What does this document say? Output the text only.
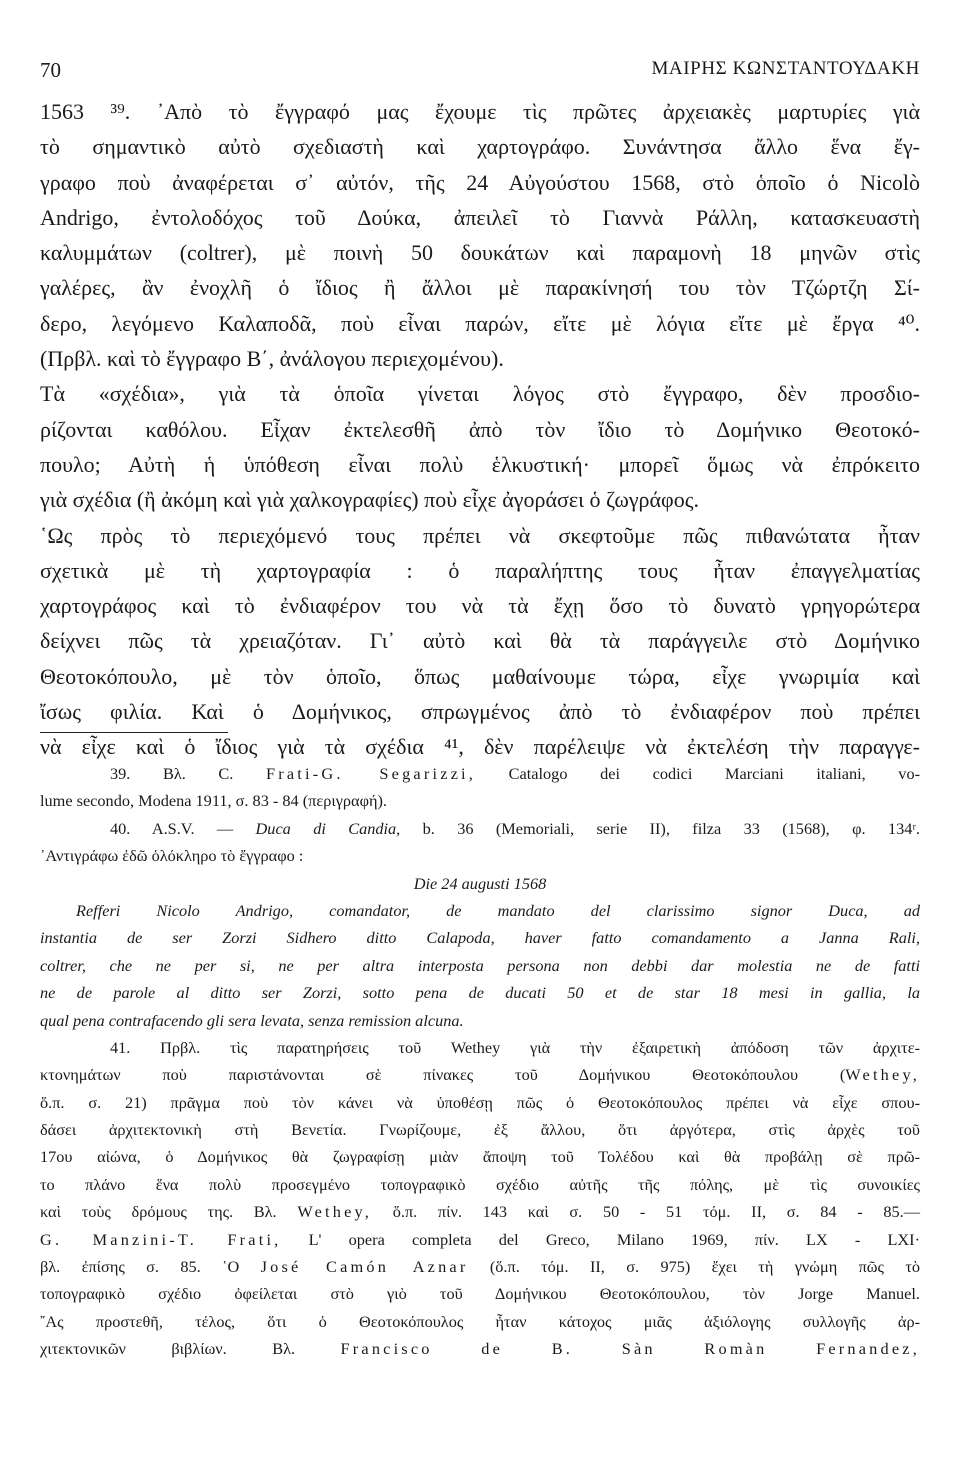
70	ΜΑΙΡΗΣ ΚΩΝΣΤΑΝΤΟΥΔΑΚΗ
1563 ³⁹. ᾿Απὸ τὸ ἔγγραφό μας ἔχουμε τὶς πρῶτες ἀρχειακὲς μαρτυρίες γιὰ
τὸ σημαντικὸ αὐτὸ σχεδιαστὴ καὶ χαρτογράφο. Συνάντησα ἄλλο ἕνα ἔγ-
γραφο ποὺ ἀναφέρεται σ᾿ αὐτόν, τῆς 24 Αὐγούστου 1568, στὸ ὁποῖο ὁ Nicolò
Andrigo, ἐντολοδόχος τοῦ Δούκα, ἀπειλεῖ τὸ Γιαννὰ Ράλλη, κατασκευαστὴ
καλυμμάτων (coltrer), μὲ ποινὴ 50 δουκάτων καὶ παραμονὴ 18 μηνῶν στὶς
γαλέρες, ἂν ἐνοχλῆ ὁ ἴδιος ἢ ἄλλοι μὲ παρακίνησή του τὸν Τζώρτζη Σί-
δερο, λεγόμενο Καλαποδᾶ, ποὺ εἶναι παρών, εἴτε μὲ λόγια εἴτε μὲ ἔργα ⁴⁰.
(Πρβλ. καὶ τὸ ἔγγραφο Β΄, ἀνάλογου περιεχομένου).
Τὰ «σχέδια», γιὰ τὰ ὁποῖα γίνεται λόγος στὸ ἔγγραφο, δὲν προσδιο-
ρίζονται καθόλου. Εἶχαν ἐκτελεσθῆ ἀπὸ τὸν ἴδιο τὸ Δομήνικο Θεοτοκό-
πουλο; Αὐτὴ ἡ ὑπόθεση εἶναι πολὺ ἑλκυστική· μπορεῖ ὅμως νὰ ἐπρόκειτο
γιὰ σχέδια (ἢ ἀκόμη καὶ γιὰ χαλκογραφίες) ποὺ εἶχε ἀγοράσει ὁ ζωγράφος.
῾Ως πρὸς τὸ περιεχόμενό τους πρέπει νὰ σκεφτοῦμε πῶς πιθανώτατα ἦταν
σχετικὰ μὲ τὴ χαρτογραφία : ὁ παραλήπτης τους ἦταν ἐπαγγελματίας
χαρτογράφος καὶ τὸ ἐνδιαφέρον του νὰ τὰ ἔχῃ ὅσο τὸ δυνατὸ γρηγορώτερα
δείχνει πῶς τὰ χρειαζόταν. Γι᾿ αὐτὸ καὶ θὰ τὰ παράγγειλε στὸ Δομήνικο
Θεοτοκόπουλο, μὲ τὸν ὁποῖο, ὅπως μαθαίνουμε τώρα, εἶχε γνωριμία καὶ
ἴσως φιλία. Καὶ ὁ Δομήνικος, σπρωγμένος ἀπὸ τὸ ἐνδιαφέρον ποὺ πρέπει
νὰ εἶχε καὶ ὁ ἴδιος γιὰ τὰ σχέδια ⁴¹, δὲν παρέλειψε νὰ ἐκτελέση τὴν παραγγε-
39. Βλ. C. Frati-G. Segarizzi, Catalogo dei codici Marciani italiani, vo-
lume secondo, Modena 1911, σ. 83 - 84 (περιγραφή).
40. A.S.V. — Duca di Candia, b. 36 (Memoriali, serie II), filza 33 (1568), φ. 134ʳ.
᾿Αντιγράφω ἐδῶ ὁλόκληρο τὸ ἔγγραφο :
Die 24 augusti 1568
Refferi Nicolo Andrigo, comandator, de mandato del clarissimo signor Duca, ad
instantia de ser Zorzi Sidhero ditto Calapoda, haver fatto comandamento a Janna Rali,
coltrer, che ne per si, ne per altra interposta persona non debbi dar molestia ne de fatti
ne de parole al ditto ser Zorzi, sotto pena de ducati 50 et de star 18 mesi in gallia, la
qual pena contrafacendo gli sera levata, senza remission alcuna.
41. Πρβλ. τὶς παρατηρήσεις τοῦ Wethey γιὰ τὴν ἐξαιρετικὴ ἀπόδοση τῶν ἀρχιτε-
κτονημάτων ποὺ παριστάνονται σὲ πίνακες τοῦ Δομήνικου Θεοτοκόπουλου (Wethey,
ὅ.π. σ. 21) πρᾶγμα ποὺ τὸν κάνει νὰ ὑποθέσῃ πῶς ὁ Θεοτοκόπουλος πρέπει νὰ εἶχε σπου-
δάσει ἀρχιτεκτονικὴ στὴ Βενετία. Γνωρίζουμε, ἐξ ἄλλου, ὅτι ἀργότερα, στὶς ἀρχὲς τοῦ
17ου αἰώνα, ὁ Δομήνικος θὰ ζωγραφίσῃ μιὰν ἄποψη τοῦ Τολέδου καὶ θὰ προβάλῃ σὲ πρῶ-
το πλάνο ἕνα πολὺ προσεγμένο τοπογραφικὸ σχέδιο αὐτῆς τῆς πόλης, μὲ τὶς συνοικίες
καὶ τοὺς δρόμους της. Βλ. Wethey, ὅ.π. πίν. 143 καὶ σ. 50 - 51 τόμ. II, σ. 84 - 85.—
G. Manzini-T. Frati, L' opera completa del Greco, Milano 1969, πίν. LX - LXI·
βλ. ἐπίσης σ. 85. ῾Ο José Camón Aznar (ὅ.π. τόμ. II, σ. 975) ἔχει τὴ γνώμη πῶς τὸ
τοπογραφικὸ σχέδιο ὀφείλεται στὸ γιὸ τοῦ Δομήνικου Θεοτοκόπουλου, τὸν Jorge Manuel.
῎Ας προστεθῆ, τέλος, ὅτι ὁ Θεοτοκόπουλος ἦταν κάτοχος μιᾶς ἀξιόλογης συλλογῆς ἀρ-
χιτεκτονικῶν βιβλίων. Βλ. Francisco de B. Sàn Romàn Fernandez,
